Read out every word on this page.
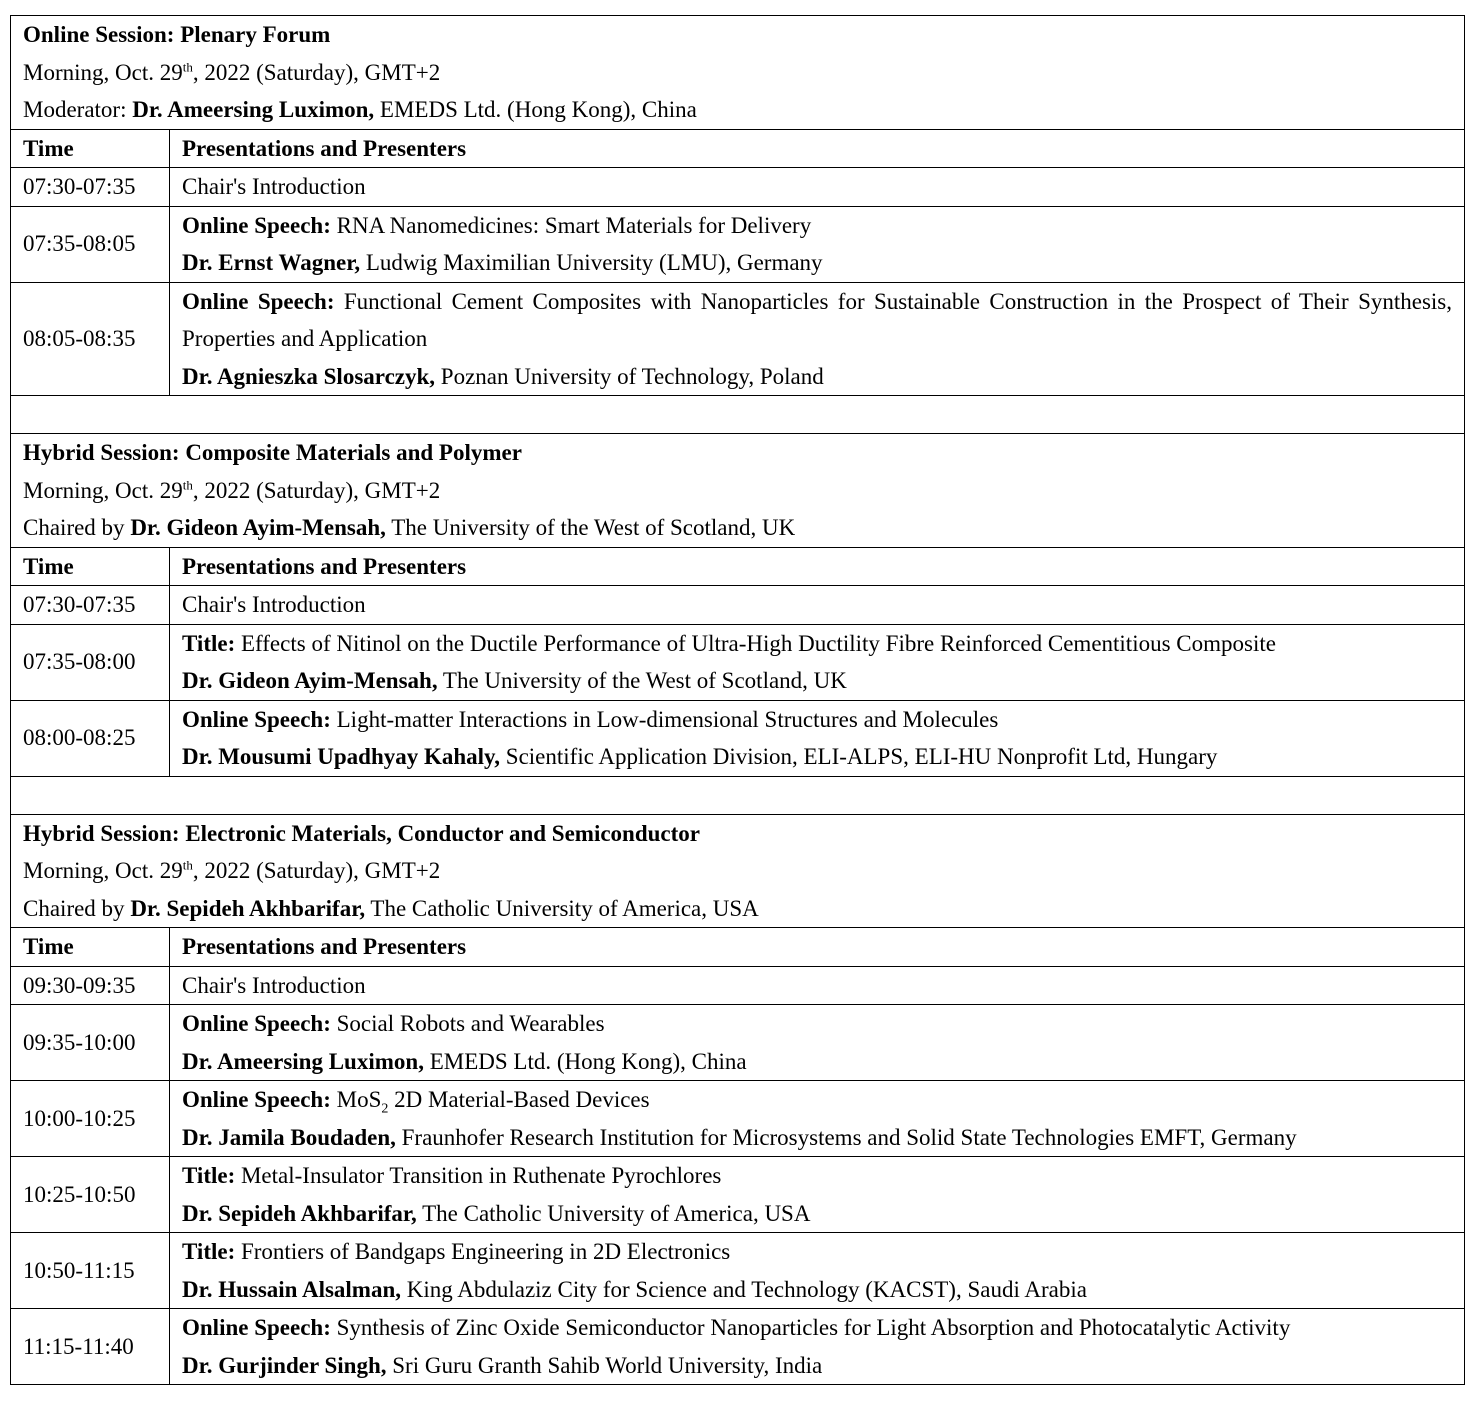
Online Session: Plenary Forum
Morning, Oct. 29th, 2022 (Saturday), GMT+2
Moderator: Dr. Ameersing Luximon, EMEDS Ltd. (Hong Kong), China	

Time	Presentations and Presenters
07:30-07:35	Chair's Introduction
07:35-08:05	Online Speech: RNA Nanomedicines: Smart Materials for Delivery
Dr. Ernst Wagner, Ludwig Maximilian University (LMU), Germany

08:05-08:35	Online Speech: Functional Cement Composites with Nanoparticles for Sustainable Construction in the Prospect of Their Synthesis, Properties and Application
Dr. Agnieszka Slosarczyk, Poznan University of Technology, Poland

Hybrid Session: Composite Materials and Polymer
Morning, Oct. 29th, 2022 (Saturday), GMT+2
Chaired by Dr. Gideon Ayim-Mensah, The University of the West of Scotland, UK	

Time	Presentations and Presenters
07:30-07:35	Chair's Introduction
07:35-08:00	Title: Effects of Nitinol on the Ductile Performance of Ultra-High Ductility Fibre Reinforced Cementitious Composite
Dr. Gideon Ayim-Mensah, The University of the West of Scotland, UK

08:00-08:25	Online Speech: Light-matter Interactions in Low-dimensional Structures and Molecules
Dr. Mousumi Upadhyay Kahaly, Scientific Application Division, ELI-ALPS, ELI-HU Nonprofit Ltd, Hungary

Hybrid Session: Electronic Materials, Conductor and Semiconductor
Morning, Oct. 29th, 2022 (Saturday), GMT+2
Chaired by Dr. Sepideh Akhbarifar, The Catholic University of America, USA	

Time	Presentations and Presenters
09:30-09:35	Chair's Introduction
09:35-10:00	Online Speech: Social Robots and Wearables
Dr. Ameersing Luximon, EMEDS Ltd. (Hong Kong), China

10:00-10:25	Online Speech: MoS$_2$ 2D Material-Based Devices
Dr. Jamila Boudaden, Fraunhofer Research Institution for Microsystems and Solid State Technologies EMFT, Germany

10:25-10:50	Title: Metal-Insulator Transition in Ruthenate Pyrochlores
Dr. Sepideh Akhbarifar, The Catholic University of America, USA

10:50-11:15	Title: Frontiers of Bandgaps Engineering in 2D Electronics
Dr. Hussain Alsalman, King Abdulaziz City for Science and Technology (KACST), Saudi Arabia

11:15-11:40	Online Speech: Synthesis of Zinc Oxide Semiconductor Nanoparticles for Light Absorption and Photocatalytic Activity
Dr. Gurjinder Singh, Sri Guru Granth Sahib World University, India
